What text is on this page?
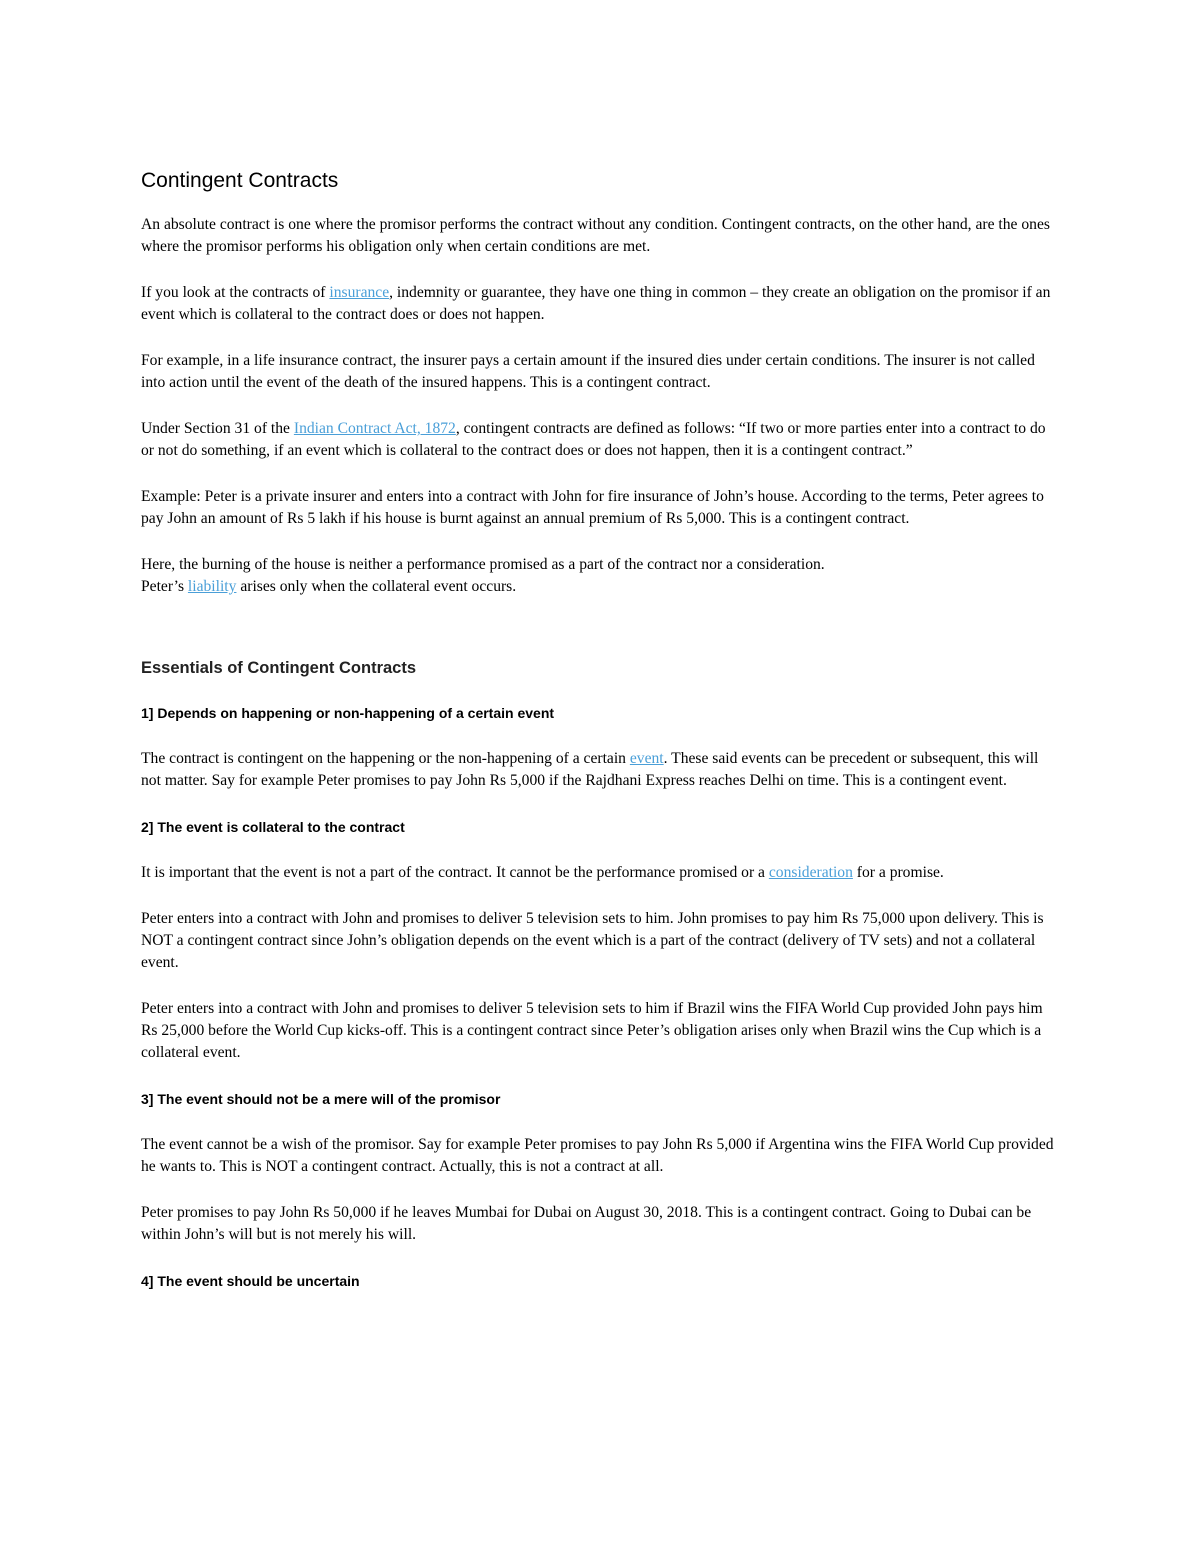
Contingent Contracts

An absolute contract is one where the promisor performs the contract without any condition. Contingent contracts, on the other hand, are the ones where the promisor performs his obligation only when certain conditions are met.

If you look at the contracts of insurance, indemnity or guarantee, they have one thing in common – they create an obligation on the promisor if an event which is collateral to the contract does or does not happen.

For example, in a life insurance contract, the insurer pays a certain amount if the insured dies under certain conditions. The insurer is not called into action until the event of the death of the insured happens. This is a contingent contract.

Under Section 31 of the Indian Contract Act, 1872, contingent contracts are defined as follows: “If two or more parties enter into a contract to do or not do something, if an event which is collateral to the contract does or does not happen, then it is a contingent contract.”

Example: Peter is a private insurer and enters into a contract with John for fire insurance of John’s house. According to the terms, Peter agrees to pay John an amount of Rs 5 lakh if his house is burnt against an annual premium of Rs 5,000. This is a contingent contract.

Here, the burning of the house is neither a performance promised as a part of the contract nor a consideration.
Peter’s liability arises only when the collateral event occurs.

Essentials of Contingent Contracts
1] Depends on happening or non-happening of a certain event

The contract is contingent on the happening or the non-happening of a certain event. These said events can be precedent or subsequent, this will not matter. Say for example Peter promises to pay John Rs 5,000 if the Rajdhani Express reaches Delhi on time. This is a contingent event.

2] The event is collateral to the contract

It is important that the event is not a part of the contract. It cannot be the performance promised or a consideration for a promise.

Peter enters into a contract with John and promises to deliver 5 television sets to him. John promises to pay him Rs 75,000 upon delivery. This is NOT a contingent contract since John’s obligation depends on the event which is a part of the contract (delivery of TV sets) and not a collateral event.

Peter enters into a contract with John and promises to deliver 5 television sets to him if Brazil wins the FIFA World Cup provided John pays him Rs 25,000 before the World Cup kicks-off. This is a contingent contract since Peter’s obligation arises only when Brazil wins the Cup which is a collateral event.

3] The event should not be a mere will of the promisor

The event cannot be a wish of the promisor. Say for example Peter promises to pay John Rs 5,000 if Argentina wins the FIFA World Cup provided he wants to. This is NOT a contingent contract. Actually, this is not a contract at all.

Peter promises to pay John Rs 50,000 if he leaves Mumbai for Dubai on August 30, 2018. This is a contingent contract. Going to Dubai can be within John’s will but is not merely his will.

4] The event should be uncertain
